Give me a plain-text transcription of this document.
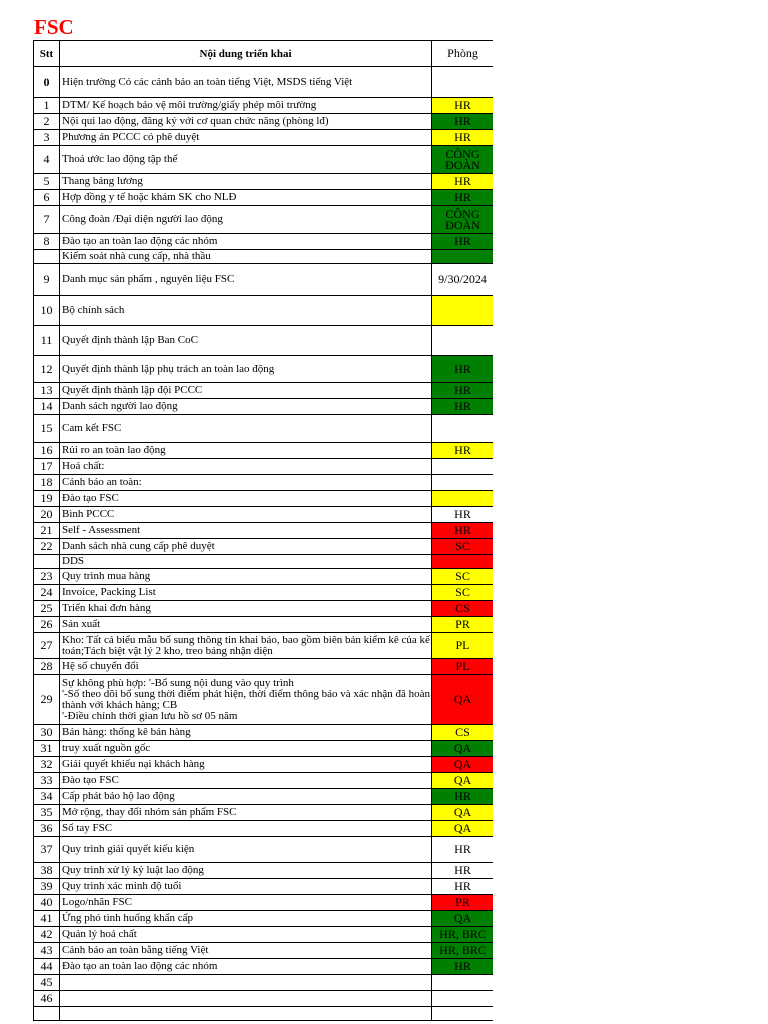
FSC
Stt	Nội dung triển khai	Phòng
0	Hiện trường Có các cảnh bảo an toàn tiếng Việt, MSDS tiếng Việt	
1	DTM/ Kế hoạch bảo vệ môi trường/giấy phép môi trường	HR
2	Nội qui lao động, đăng ký với cơ quan chức năng (phòng lđ)	HR
3	Phương án PCCC có phê duyệt	HR
4	Thoả ước lao động tập thể	CÔNG ĐOÀN
5	Thang bảng lương	HR
6	Hợp đồng y tế hoặc khám SK cho NLĐ	HR
7	Công đoàn /Đại diện người lao động	CÔNG ĐOÀN
8	Đào tạo an toàn lao động các nhóm	HR
	Kiểm soát nhà cung cấp, nhà thầu	
9	Danh mục sản phẩm , nguyên liệu FSC	9/30/2024
10	Bộ chính sách	
11	Quyết định thành lập Ban CoC	
12	Quyết định thành lập phụ trách an toàn lao động	HR
13	Quyết định thành lập đội PCCC	HR
14	Danh sách người lao động	HR
15	Cam kết FSC	
16	Rủi ro an toàn lao động	HR
17	Hoá chất:	
18	Cảnh báo an toàn:	
19	Đào tạo FSC	
20	Bình PCCC	HR
21	Self - Assessment	HR
22	Danh sách nhà cung cấp phê duyệt	SC
	DDS	
23	Quy trình mua hàng	SC
24	Invoice, Packing List	SC
25	Triển khai đơn hàng	CS
26	Sản xuất	PR
27	Kho: Tất cả biểu mẫu bổ sung thông tin khai báo, bao gồm biên bản kiểm kê của kế toán;Tách biệt vật lý 2 kho, treo bảng nhận diện	PL
28	Hệ số chuyển đổi	PL
29	Sự không phù hợp: '-Bổ sung nội dung vào quy trình
'-Số theo dõi bổ sung thời điểm phát hiện, thời điểm thông báo và xác nhận đã hoàn thành với khách hàng; CB
'-Điều chỉnh thời gian lưu hồ sơ 05 năm	QA
30	Bán hàng: thống kê bán hàng	CS
31	truy xuất nguồn gốc	QA
32	Giải quyết khiếu nại khách hàng	QA
33	Đào tạo FSC	QA
34	Cấp phát bảo hộ lao động	HR
35	Mở rộng, thay đổi nhóm sản phẩm FSC	QA
36	Sổ tay FSC	QA
37	Quy trình giải quyết kiếu kiện	HR
38	Quy trình xử lý kỷ luật lao động	HR
39	Quy trình xác minh độ tuổi	HR
40	Logo/nhãn FSC	PR
41	Ứng phó tình huống khẩn cấp	QA
42	Quản lý hoá chất	HR, BRC
43	Cảnh báo an toàn bằng tiếng Việt	HR, BRC
44	Đào tạo an toàn lao động các nhóm	HR
45		
46		
